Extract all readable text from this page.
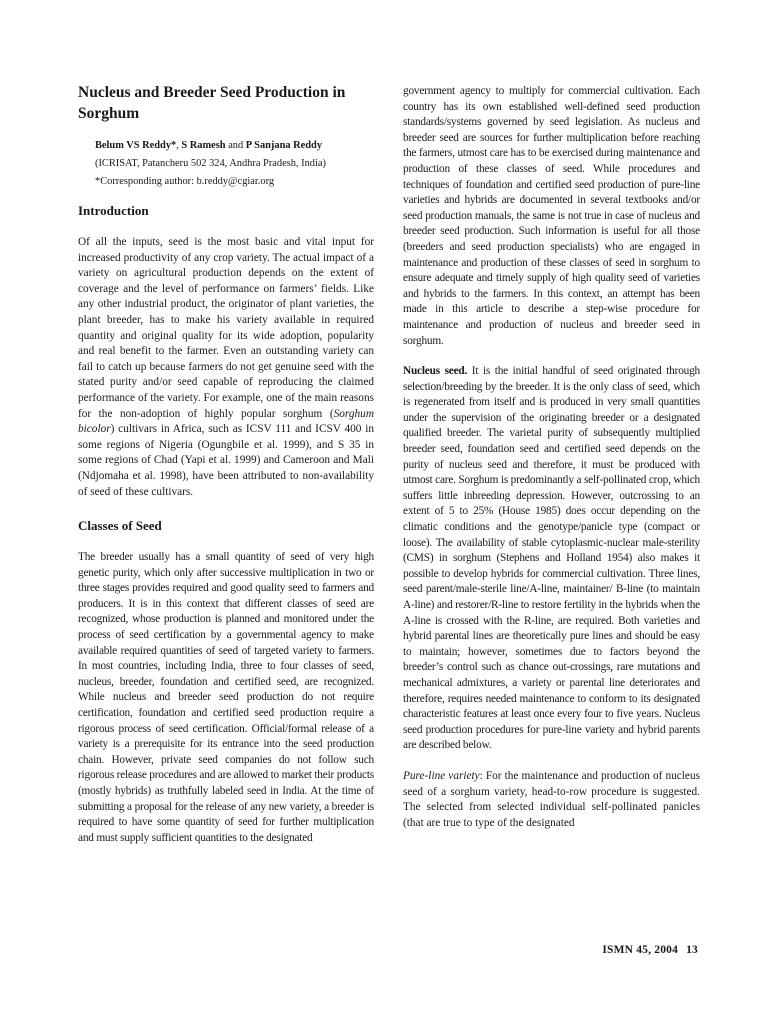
Nucleus and Breeder Seed Production in Sorghum
Belum VS Reddy*, S Ramesh and P Sanjana Reddy
(ICRISAT, Patancheru 502 324, Andhra Pradesh, India)
*Corresponding author: b.reddy@cgiar.org
Introduction

Of all the inputs, seed is the most basic and vital input for increased productivity of any crop variety. The actual impact of a variety on agricultural production depends on the extent of coverage and the level of performance on farmers’ fields. Like any other industrial product, the originator of plant varieties, the plant breeder, has to make his variety available in required quantity and original quality for its wide adoption, popularity and real benefit to the farmer. Even an outstanding variety can fail to catch up because farmers do not get genuine seed with the stated purity and/or seed capable of reproducing the claimed performance of the variety. For example, one of the main reasons for the non-adoption of highly popular sorghum (Sorghum bicolor) cultivars in Africa, such as ICSV 111 and ICSV 400 in some regions of Nigeria (Ogungbile et al. 1999), and S 35 in some regions of Chad (Yapi et al. 1999) and Cameroon and Mali (Ndjomaha et al. 1998), have been attributed to non-availability of seed of these cultivars.

Classes of Seed

The breeder usually has a small quantity of seed of very high genetic purity, which only after successive multiplication in two or three stages provides required and good quality seed to farmers and producers. It is in this context that different classes of seed are recognized, whose production is planned and monitored under the process of seed certification by a governmental agency to make available required quantities of seed of targeted variety to farmers. In most countries, including India, three to four classes of seed, nucleus, breeder, foundation and certified seed, are recognized. While nucleus and breeder seed production do not require certification, foundation and certified seed production require a rigorous process of seed certification. Official/formal release of a variety is a prerequisite for its entrance into the seed production chain. However, private seed companies do not follow such rigorous release procedures and are allowed to market their products (mostly hybrids) as truthfully labeled seed in India. At the time of submitting a proposal for the release of any new variety, a breeder is required to have some quantity of seed for further multiplication and must supply sufficient quantities to the designated

government agency to multiply for commercial cultivation. Each country has its own established well-defined seed production standards/systems governed by seed legislation. As nucleus and breeder seed are sources for further multiplication before reaching the farmers, utmost care has to be exercised during maintenance and production of these classes of seed. While procedures and techniques of foundation and certified seed production of pure-line varieties and hybrids are documented in several textbooks and/or seed production manuals, the same is not true in case of nucleus and breeder seed production. Such information is useful for all those (breeders and seed production specialists) who are engaged in maintenance and production of these classes of seed in sorghum to ensure adequate and timely supply of high quality seed of varieties and hybrids to the farmers. In this context, an attempt has been made in this article to describe a step-wise procedure for maintenance and production of nucleus and breeder seed in sorghum.

Nucleus seed. It is the initial handful of seed originated through selection/breeding by the breeder. It is the only class of seed, which is regenerated from itself and is produced in very small quantities under the supervision of the originating breeder or a designated qualified breeder. The varietal purity of subsequently multiplied breeder seed, foundation seed and certified seed depends on the purity of nucleus seed and therefore, it must be produced with utmost care. Sorghum is predominantly a self-pollinated crop, which suffers little inbreeding depression. However, outcrossing to an extent of 5 to 25% (House 1985) does occur depending on the climatic conditions and the genotype/panicle type (compact or loose). The availability of stable cytoplasmic-nuclear male-sterility (CMS) in sorghum (Stephens and Holland 1954) also makes it possible to develop hybrids for commercial cultivation. Three lines, seed parent/male-sterile line/A-line, maintainer/ B-line (to maintain A-line) and restorer/R-line to restore fertility in the hybrids when the A-line is crossed with the R-line, are required. Both varieties and hybrid parental lines are theoretically pure lines and should be easy to maintain; however, sometimes due to factors beyond the breeder’s control such as chance out-crossings, rare mutations and mechanical admixtures, a variety or parental line deteriorates and therefore, requires needed maintenance to conform to its designated characteristic features at least once every four to five years. Nucleus seed production procedures for pure-line variety and hybrid parents are described below.

Pure-line variety: For the maintenance and production of nucleus seed of a sorghum variety, head-to-row procedure is suggested. The selected from selected individual self-pollinated panicles (that are true to type of the designated

ISMN 45, 2004 13
